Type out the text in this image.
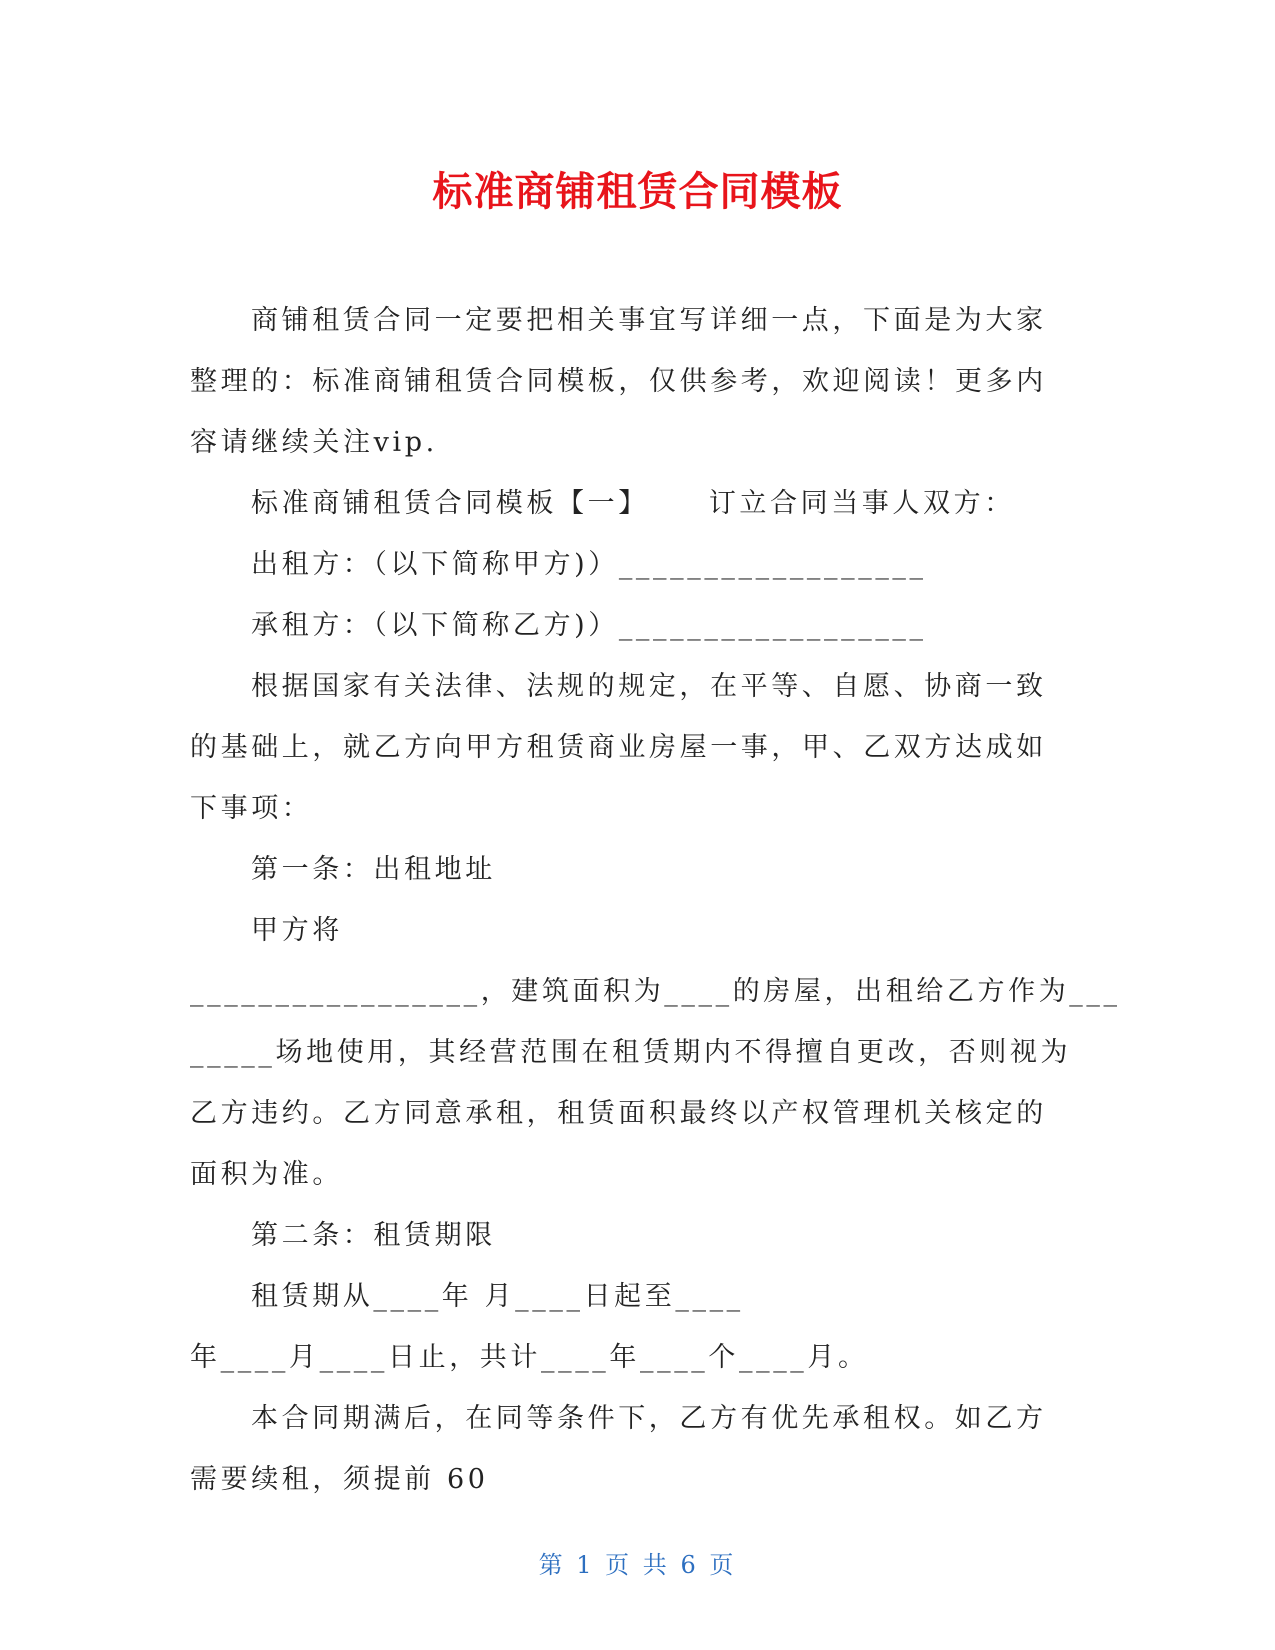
标准商铺租赁合同模板
商铺租赁合同一定要把相关事宜写详细一点，下面是为大家
整理的：标准商铺租赁合同模板，仅供参考，欢迎阅读！更多内
容请继续关注vip.
标准商铺租赁合同模板【一】 订立合同当事人双方：
出租方：（以下简称甲方)）__________________
承租方：（以下简称乙方)）__________________
根据国家有关法律、法规的规定，在平等、自愿、协商一致
的基础上，就乙方向甲方租赁商业房屋一事，甲、乙双方达成如
下事项：
第一条：出租地址
甲方将
_________________，建筑面积为____的房屋，出租给乙方作为___
_____场地使用，其经营范围在租赁期内不得擅自更改，否则视为
乙方违约。乙方同意承租，租赁面积最终以产权管理机关核定的
面积为准。
第二条：租赁期限
租赁期从____年 月____日起至____
年____月____日止，共计____年____个____月。
本合同期满后，在同等条件下，乙方有优先承租权。如乙方
需要续租，须提前 60
第 1 页 共 6 页
